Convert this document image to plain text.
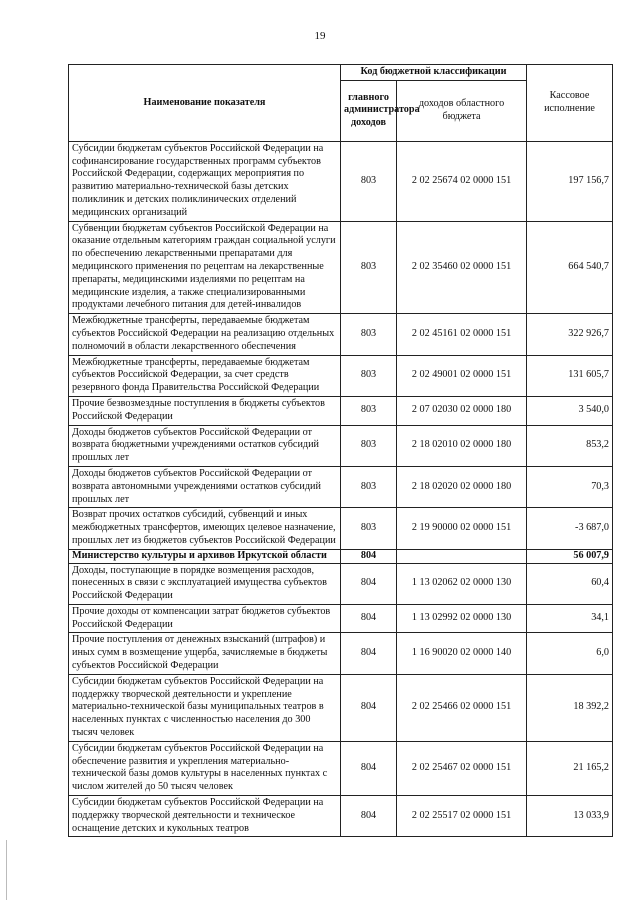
19
Наименование показателя	Код бюджетной классификации		Кассовое исполнение
	главного администратора доходов	доходов областного бюджета	
Субсидии бюджетам субъектов Российской Федерации на софинансирование государственных программ субъектов Российской Федерации, содержащих мероприятия по развитию материально-технической базы детских поликлиник и детских поликлинических отделений медицинских организаций	803	2 02 25674 02 0000 151	197 156,7
Субвенции бюджетам субъектов Российской Федерации на оказание отдельным категориям граждан социальной услуги по обеспечению лекарственными препаратами для медицинского применения по рецептам на лекарственные препараты, медицинскими изделиями по рецептам на медицинские изделия, а также специализированными продуктами лечебного питания для детей-инвалидов	803	2 02 35460 02 0000 151	664 540,7
Межбюджетные трансферты, передаваемые бюджетам субъектов Российской Федерации на реализацию отдельных полномочий в области лекарственного обеспечения	803	2 02 45161 02 0000 151	322 926,7
Межбюджетные трансферты, передаваемые бюджетам субъектов Российской Федерации, за счет средств резервного фонда Правительства Российской Федерации	803	2 02 49001 02 0000 151	131 605,7
Прочие безвозмездные поступления в бюджеты субъектов Российской Федерации	803	2 07 02030 02 0000 180	3 540,0
Доходы бюджетов субъектов Российской Федерации от возврата бюджетными учреждениями остатков субсидий прошлых лет	803	2 18 02010 02 0000 180	853,2
Доходы бюджетов субъектов Российской Федерации от возврата автономными учреждениями остатков субсидий прошлых лет	803	2 18 02020 02 0000 180	70,3
Возврат прочих остатков субсидий, субвенций и иных межбюджетных трансфертов, имеющих целевое назначение, прошлых лет из бюджетов субъектов Российской Федерации	803	2 19 90000 02 0000 151	-3 687,0
Министерство культуры и архивов Иркутской области	804		56 007,9
Доходы, поступающие в порядке возмещения расходов, понесенных в связи с эксплуатацией имущества субъектов Российской Федерации	804	1 13 02062 02 0000 130	60,4
Прочие доходы от компенсации затрат бюджетов субъектов Российской Федерации	804	1 13 02992 02 0000 130	34,1
Прочие поступления от денежных взысканий (штрафов) и иных сумм в возмещение ущерба, зачисляемые в бюджеты субъектов Российской Федерации	804	1 16 90020 02 0000 140	6,0
Субсидии бюджетам субъектов Российской Федерации на поддержку творческой деятельности и укрепление материально-технической базы муниципальных театров в населенных пунктах с численностью населения до 300 тысяч человек	804	2 02 25466 02 0000 151	18 392,2
Субсидии бюджетам субъектов Российской Федерации на обеспечение развития и укрепления материально-технической базы домов культуры в населенных пунктах с числом жителей до 50 тысяч человек	804	2 02 25467 02 0000 151	21 165,2
Субсидии бюджетам субъектов Российской Федерации на поддержку творческой деятельности и техническое оснащение детских и кукольных театров	804	2 02 25517 02 0000 151	13 033,9
